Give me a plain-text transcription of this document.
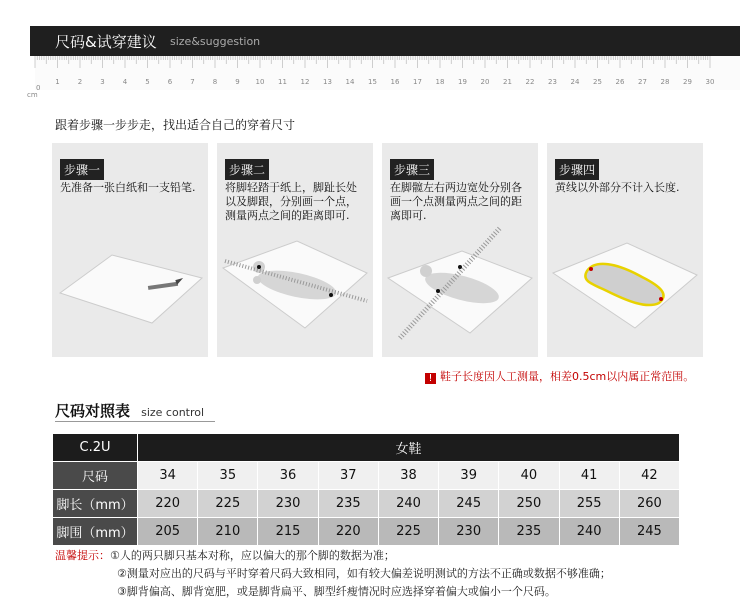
尺码&试穿建议 size&suggestion
0
1	2	3	4	5	6	7	8	9 10 11 12 13 14 15 16 17 18 19 20 21 22 23 24 25 26 27 28 29 30
cm
跟着步骤一步步走，找出适合自己的穿着尺寸
步骤一
先准备一张白纸和一支铅笔.
步骤二
将脚轻踏于纸上，脚趾长处以及脚跟，分别画一个点，测量两点之间的距离即可.
步骤三
在脚髋左右两边宽处分别各画一个点测量两点之间的距离即可.
步骤四
黄线以外部分不计入长度.
! 鞋子长度因人工测量，相差0.5cm以内属正常范围。
尺码对照表 size control
C.2U	女鞋								
尺码	34	35	36	37	38	39	40	41	42
脚长（mm）	220	225	230	235	240	245	250	255	260
脚围（mm）	205	210	215	220	225	230	235	240	245
温馨提示：①人的两只脚只基本对称，应以偏大的那个脚的数据为准；
②测量对应出的尺码与平时穿着尺码大致相同，如有较大偏差说明测试的方法不正确或数据不够准确；
③脚背偏高、脚背宽肥，或是脚背扁平、脚型纤瘦情况时应选择穿着偏大或偏小一个尺码。
